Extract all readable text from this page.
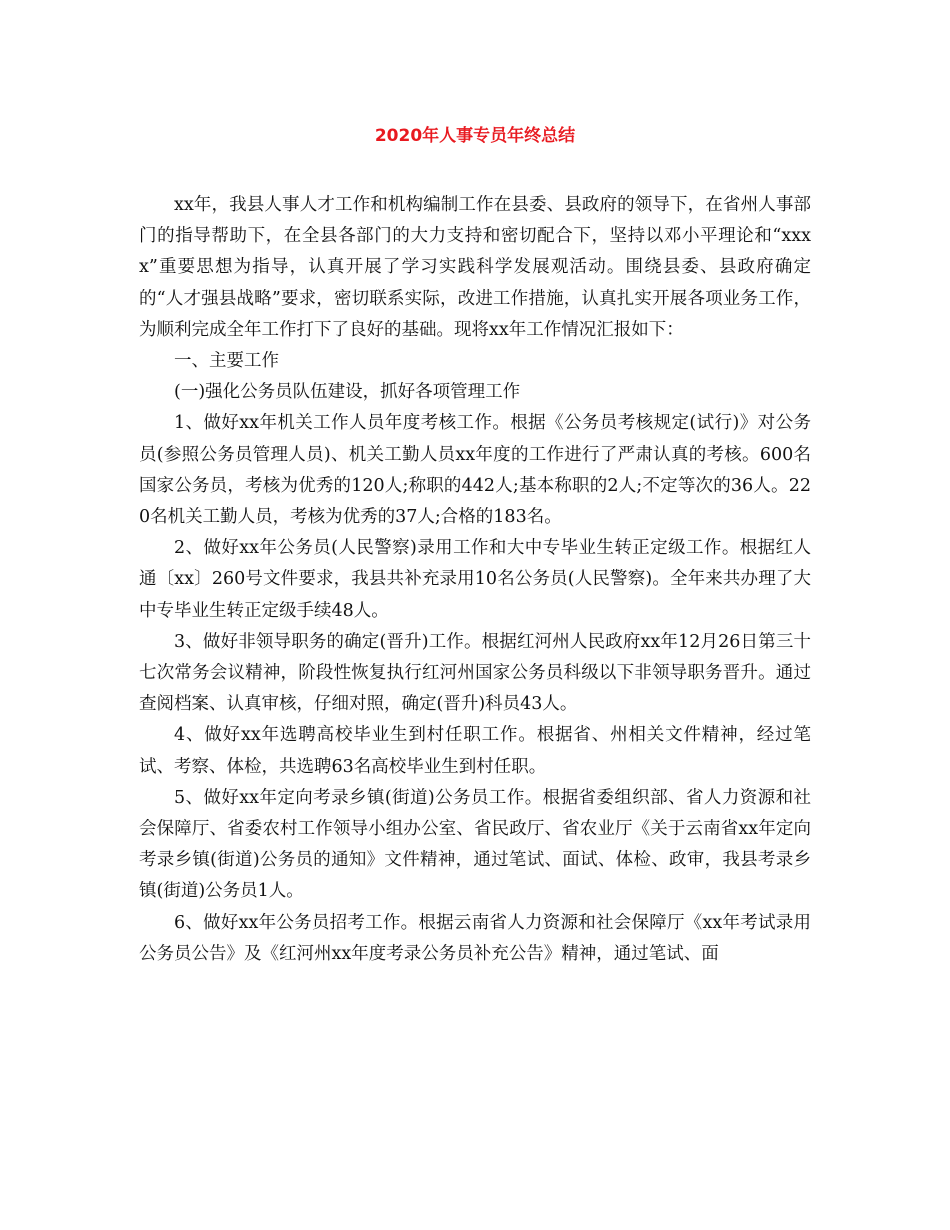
2020年人事专员年终总结

xx年，我县人事人才工作和机构编制工作在县委、县政府的领导下，在省州人事部门的指导帮助下，在全县各部门的大力支持和密切配合下，坚持以邓小平理论和“xxxx”重要思想为指导，认真开展了学习实践科学发展观活动。围绕县委、县政府确定的“人才强县战略”要求，密切联系实际，改进工作措施，认真扎实开展各项业务工作，为顺利完成全年工作打下了良好的基础。现将xx年工作情况汇报如下：

一、主要工作

(一)强化公务员队伍建设，抓好各项管理工作

1、做好xx年机关工作人员年度考核工作。根据《公务员考核规定(试行)》对公务员(参照公务员管理人员)、机关工勤人员xx年度的工作进行了严肃认真的考核。600名国家公务员，考核为优秀的120人;称职的442人;基本称职的2人;不定等次的36人。220名机关工勤人员，考核为优秀的37人;合格的183名。

2、做好xx年公务员(人民警察)录用工作和大中专毕业生转正定级工作。根据红人通〔xx〕260号文件要求，我县共补充录用10名公务员(人民警察)。全年来共办理了大中专毕业生转正定级手续48人。

3、做好非领导职务的确定(晋升)工作。根据红河州人民政府xx年12月26日第三十七次常务会议精神，阶段性恢复执行红河州国家公务员科级以下非领导职务晋升。通过查阅档案、认真审核，仔细对照，确定(晋升)科员43人。

4、做好xx年选聘高校毕业生到村任职工作。根据省、州相关文件精神，经过笔试、考察、体检，共选聘63名高校毕业生到村任职。

5、做好xx年定向考录乡镇(街道)公务员工作。根据省委组织部、省人力资源和社会保障厅、省委农村工作领导小组办公室、省民政厅、省农业厅《关于云南省xx年定向考录乡镇(街道)公务员的通知》文件精神，通过笔试、面试、体检、政审，我县考录乡镇(街道)公务员1人。

6、做好xx年公务员招考工作。根据云南省人力资源和社会保障厅《xx年考试录用公务员公告》及《红河州xx年度考录公务员补充公告》精神，通过笔试、面
